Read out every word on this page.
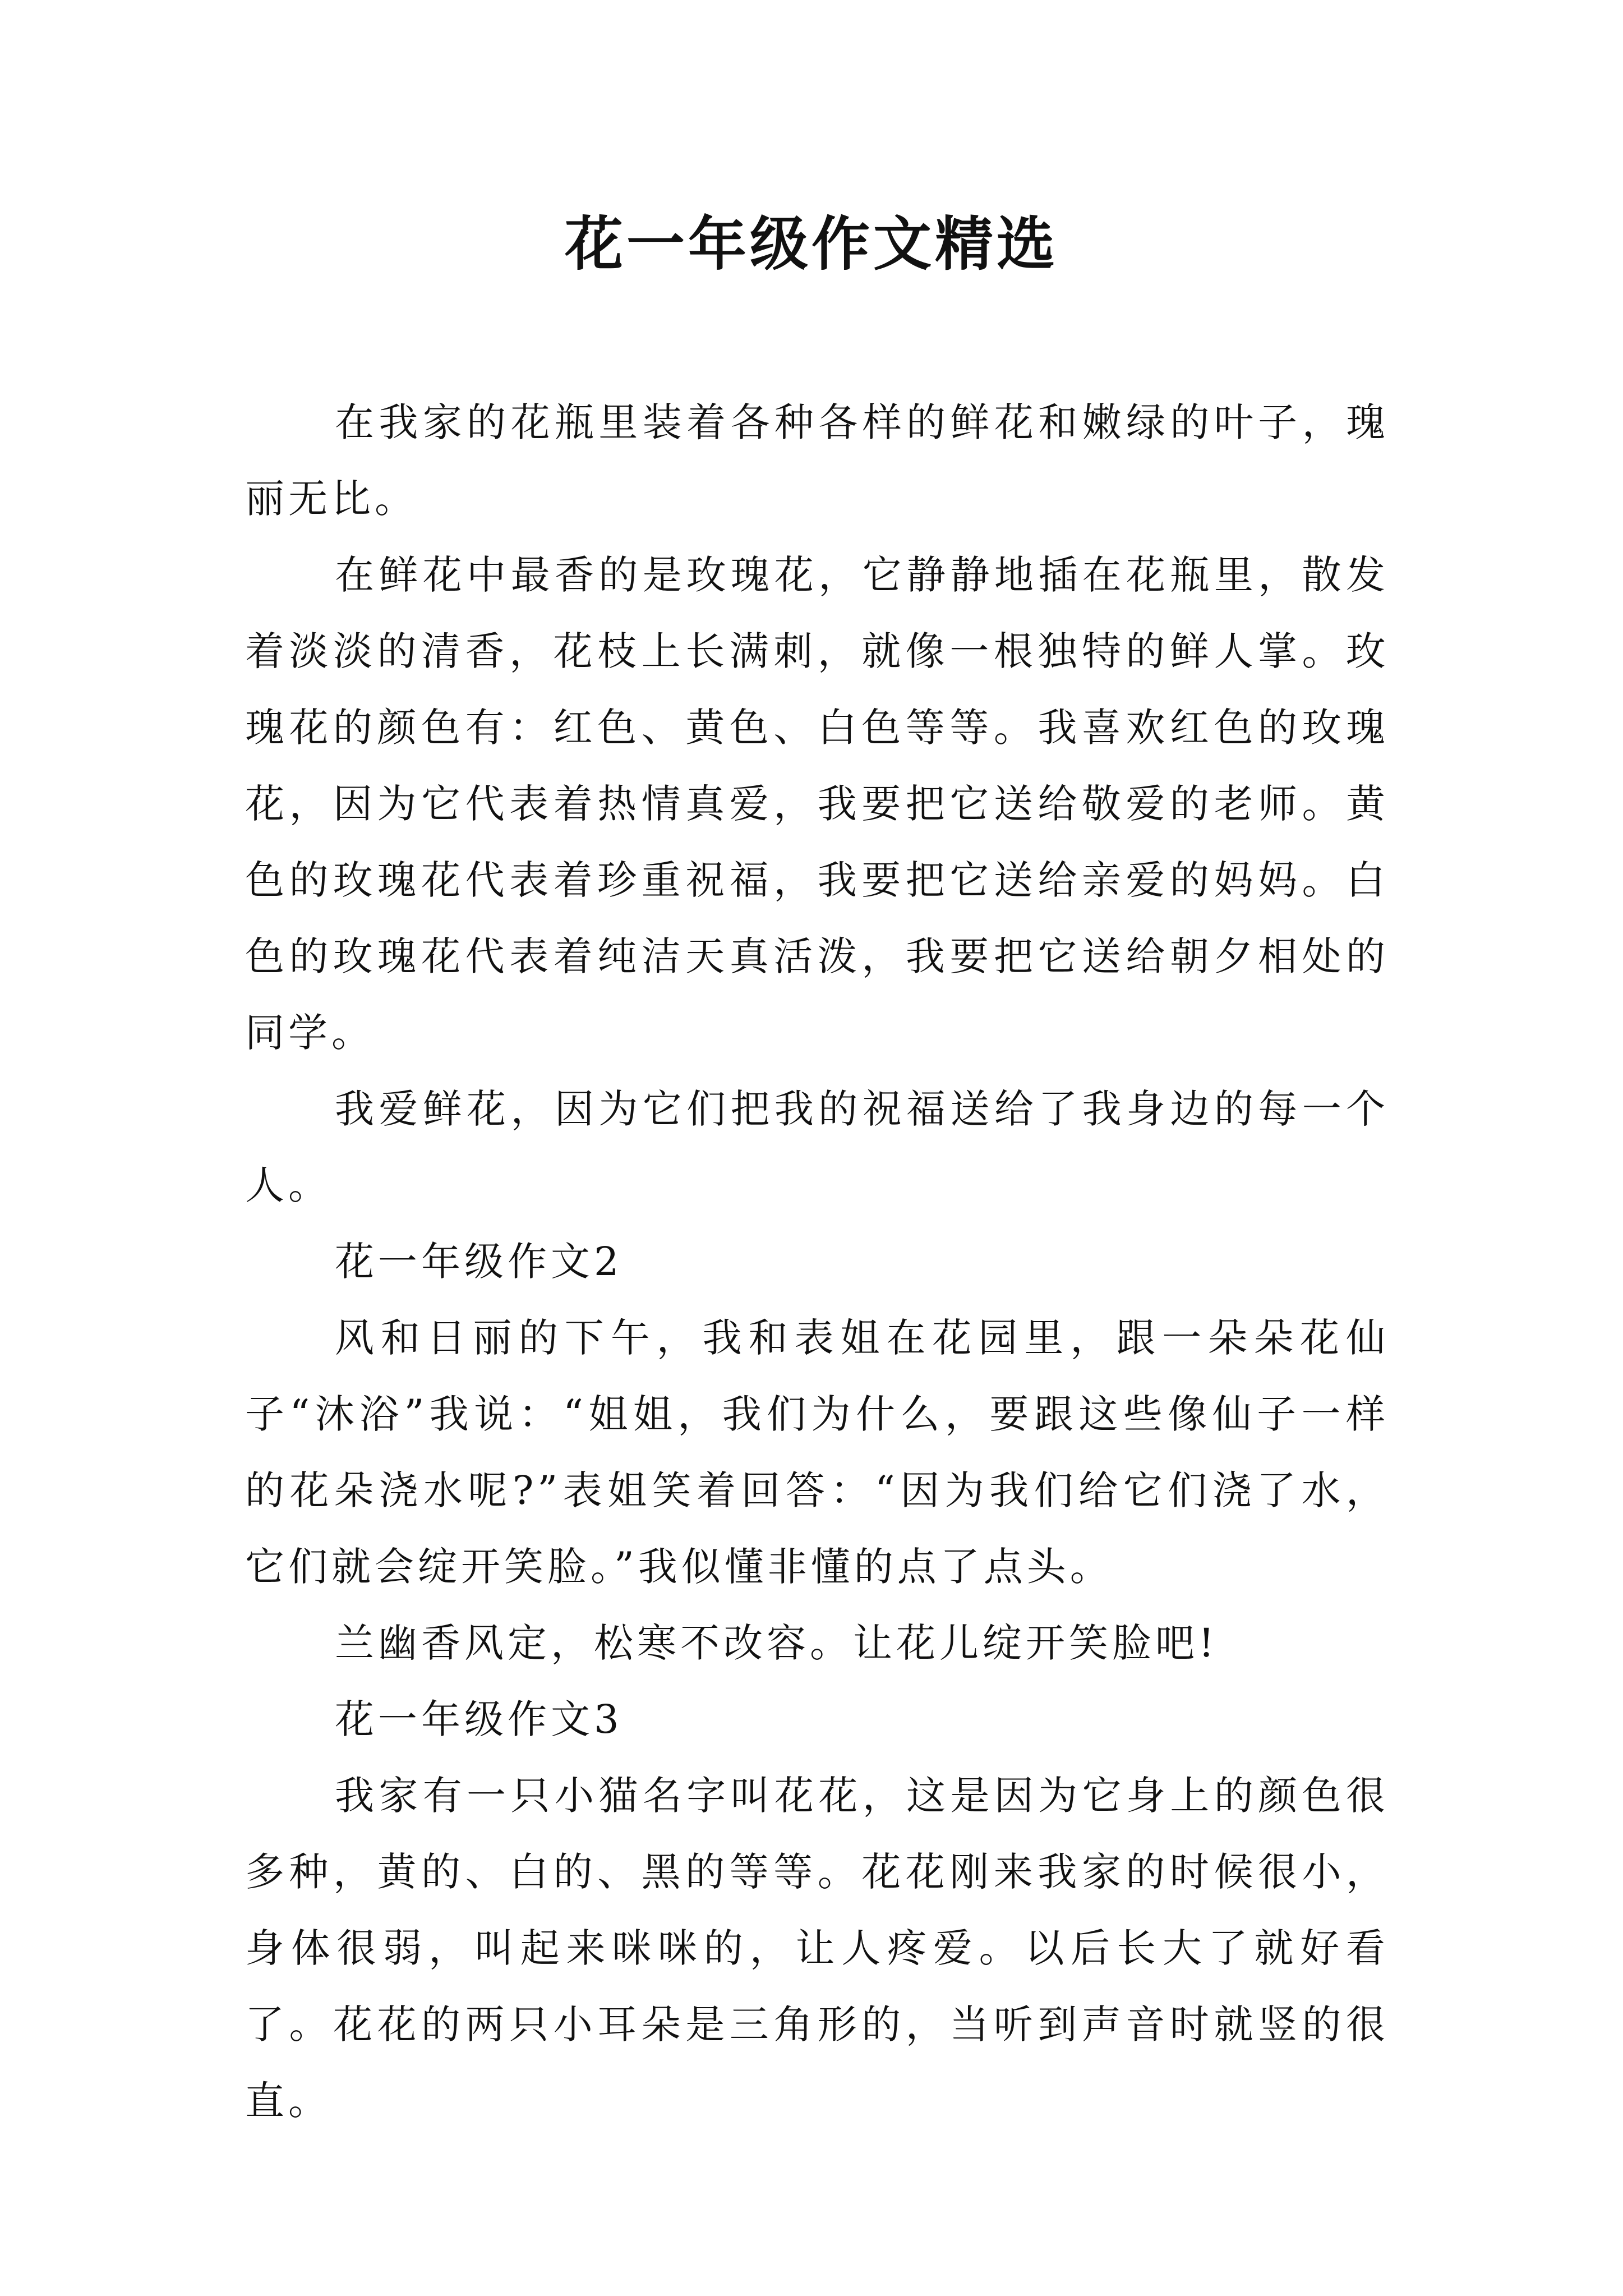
花一年级作文精选

在我家的花瓶里装着各种各样的鲜花和嫩绿的叶子，瑰丽无比。

在鲜花中最香的是玫瑰花，它静静地插在花瓶里，散发着淡淡的清香，花枝上长满刺，就像一根独特的鲜人掌。玫瑰花的颜色有：红色、黄色、白色等等。我喜欢红色的玫瑰花，因为它代表着热情真爱，我要把它送给敬爱的老师。黄色的玫瑰花代表着珍重祝福，我要把它送给亲爱的妈妈。白色的玫瑰花代表着纯洁天真活泼，我要把它送给朝夕相处的同学。

我爱鲜花，因为它们把我的祝福送给了我身边的每一个人。

花一年级作文2

风和日丽的下午，我和表姐在花园里，跟一朵朵花仙子“沐浴”我说：“姐姐，我们为什么，要跟这些像仙子一样的花朵浇水呢?”表姐笑着回答：“因为我们给它们浇了水，它们就会绽开笑脸。”我似懂非懂的点了点头。

兰幽香风定，松寒不改容。让花儿绽开笑脸吧!

花一年级作文3

我家有一只小猫名字叫花花，这是因为它身上的颜色很多种，黄的、白的、黑的等等。花花刚来我家的时候很小，身体很弱，叫起来咪咪的，让人疼爱。以后长大了就好看了。花花的两只小耳朵是三角形的，当听到声音时就竖的很直。
